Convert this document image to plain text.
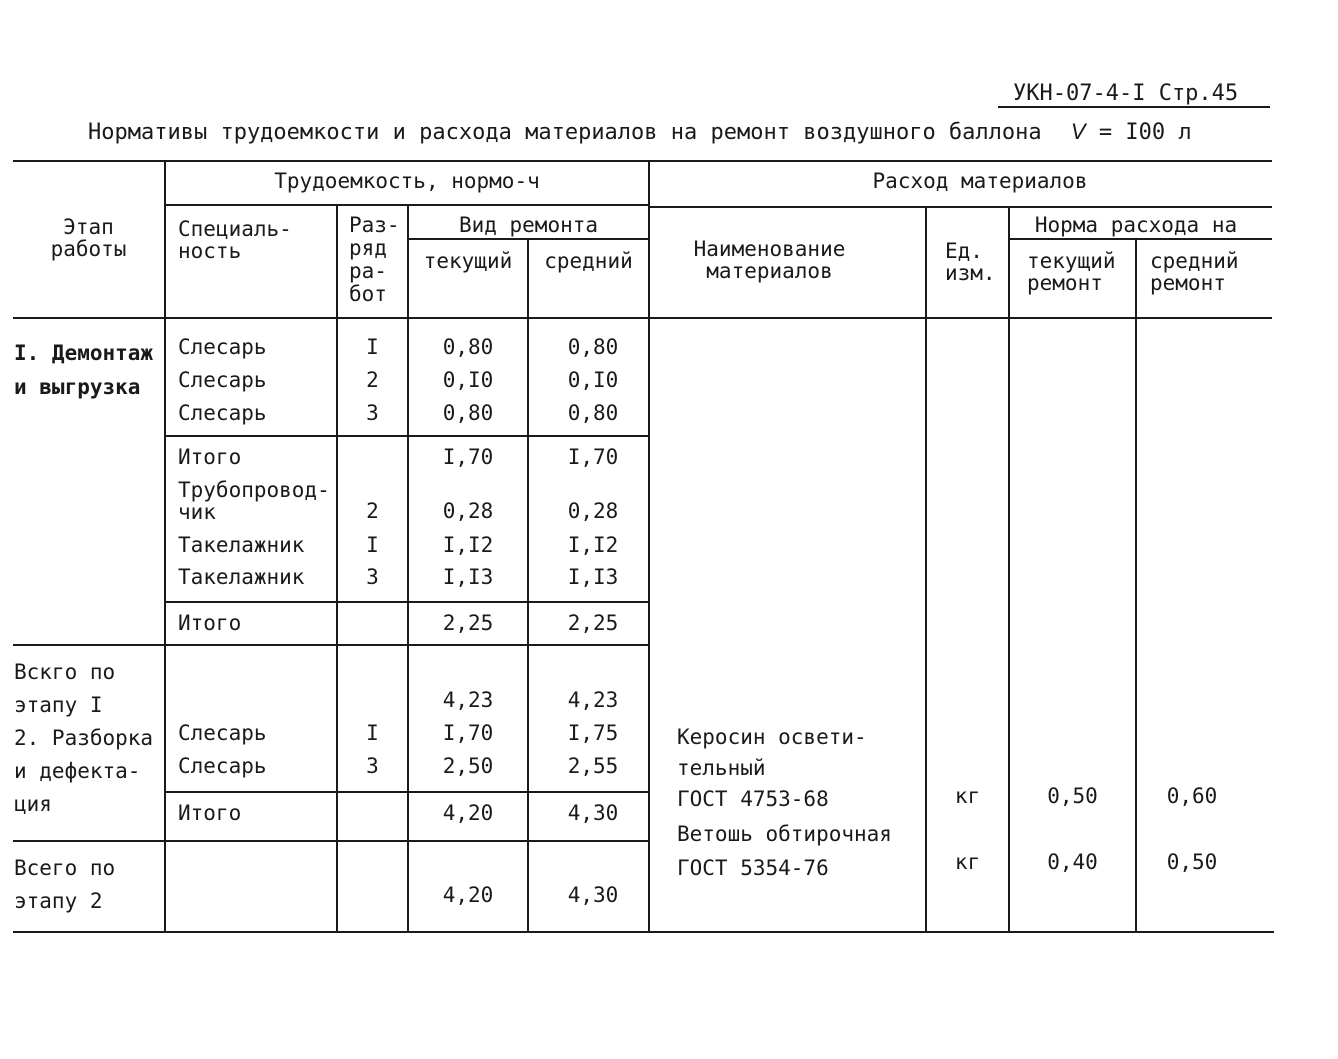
УКН-07-4-I Стр.45
Нормативы трудоемкости и расхода материалов на ремонт воздушного баллона V = I00 л
Этап
работы
Трудоемкость, нормо-ч
Специаль-
ность
Раз-
ряд
ра-
бот
Вид ремонта
текущий	средний
Расход материалов
Наименование
материалов
Ед.
изм.
Норма расхода на
текущий
ремонт
средний
ремонт
I. Демонтаж
и выгрузка
Слесарь	I	0,80	0,80
Слесарь	2	0,I0	0,I0
Слесарь	3	0,80	0,80
Итого	I,70	I,70
Трубопровод-
чик	2	0,28	0,28
Такелажник	I	I,I2	I,I2
Такелажник	3	I,I3	I,I3
Итого	2,25	2,25
Вскго по
этапу I	4,23	4,23
2. Разборка
и дефекта-
ция
Слесарь	I	I,70	I,75
Слесарь	3	2,50	2,55
Итого	4,20	4,30
Всего по
этапу 2	4,20	4,30
Керосин освети-
тельный
ГОСТ 4753-68	кг	0,50	0,60
Ветошь обтирочная
ГОСТ 5354-76	кг	0,40	0,50
